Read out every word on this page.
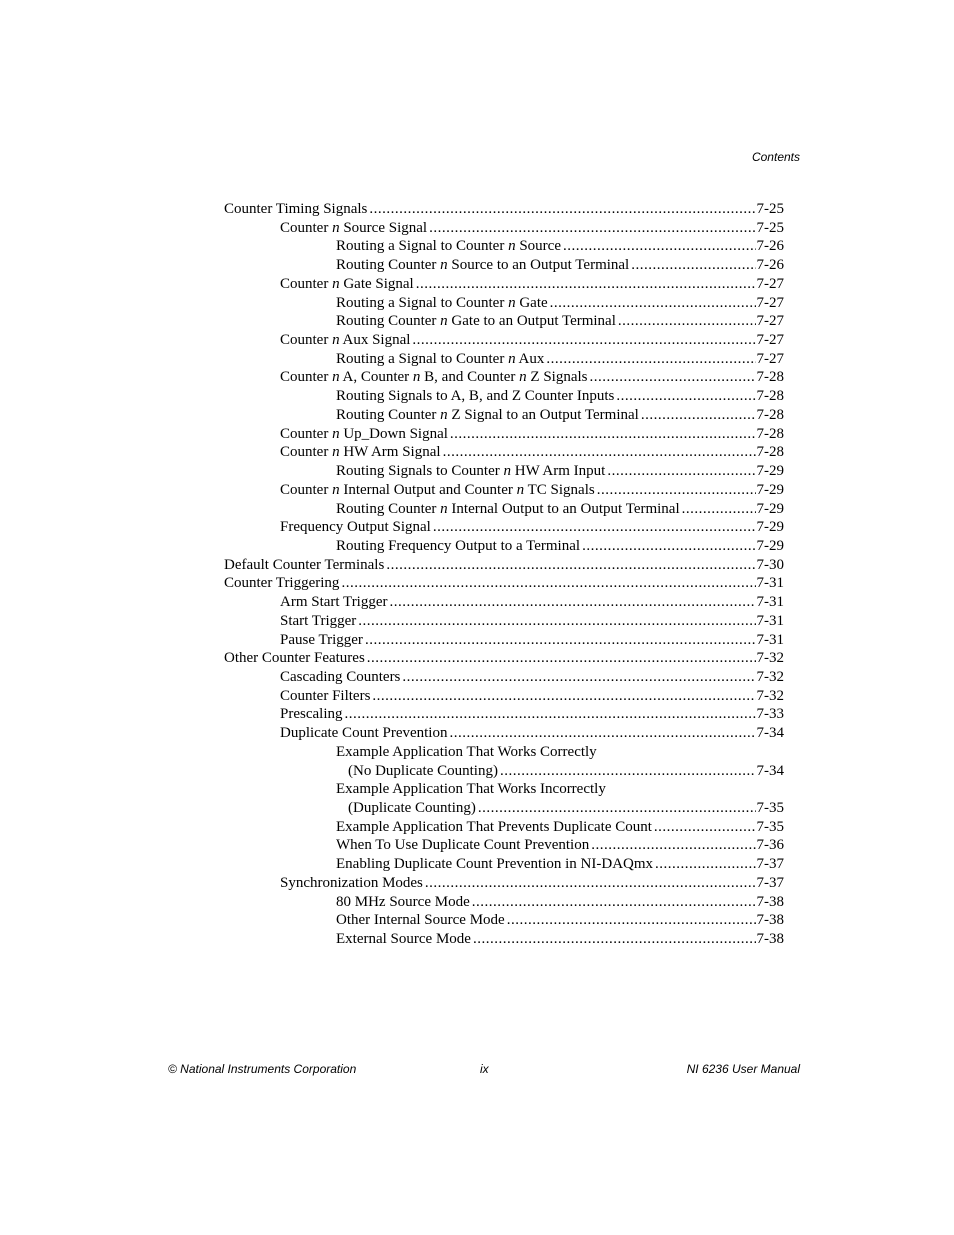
Contents
Counter Timing Signals .....	7-25
Counter n Source Signal .....	7-25
Routing a Signal to Counter n Source .....	7-26
Routing Counter n Source to an Output Terminal .....	7-26
Counter n Gate Signal .....	7-27
Routing a Signal to Counter n Gate .....	7-27
Routing Counter n Gate to an Output Terminal .....	7-27
Counter n Aux Signal .....	7-27
Routing a Signal to Counter n Aux .....	7-27
Counter n A, Counter n B, and Counter n Z Signals .....	7-28
Routing Signals to A, B, and Z Counter Inputs .....	7-28
Routing Counter n Z Signal to an Output Terminal .....	7-28
Counter n Up_Down Signal .....	7-28
Counter n HW Arm Signal .....	7-28
Routing Signals to Counter n HW Arm Input .....	7-29
Counter n Internal Output and Counter n TC Signals .....	7-29
Routing Counter n Internal Output to an Output Terminal .....	7-29
Frequency Output Signal .....	7-29
Routing Frequency Output to a Terminal .....	7-29
Default Counter Terminals .....	7-30
Counter Triggering .....	7-31
Arm Start Trigger .....	7-31
Start Trigger .....	7-31
Pause Trigger .....	7-31
Other Counter Features .....	7-32
Cascading Counters .....	7-32
Counter Filters .....	7-32
Prescaling .....	7-33
Duplicate Count Prevention .....	7-34
Example Application That Works Correctly
(No Duplicate Counting) .....	7-34
Example Application That Works Incorrectly
(Duplicate Counting) .....	7-35
Example Application That Prevents Duplicate Count .....	7-35
When To Use Duplicate Count Prevention .....	7-36
Enabling Duplicate Count Prevention in NI-DAQmx .....	7-37
Synchronization Modes .....	7-37
80 MHz Source Mode .....	7-38
Other Internal Source Mode .....	7-38
External Source Mode .....	7-38
© National Instruments Corporation	ix	NI 6236 User Manual
